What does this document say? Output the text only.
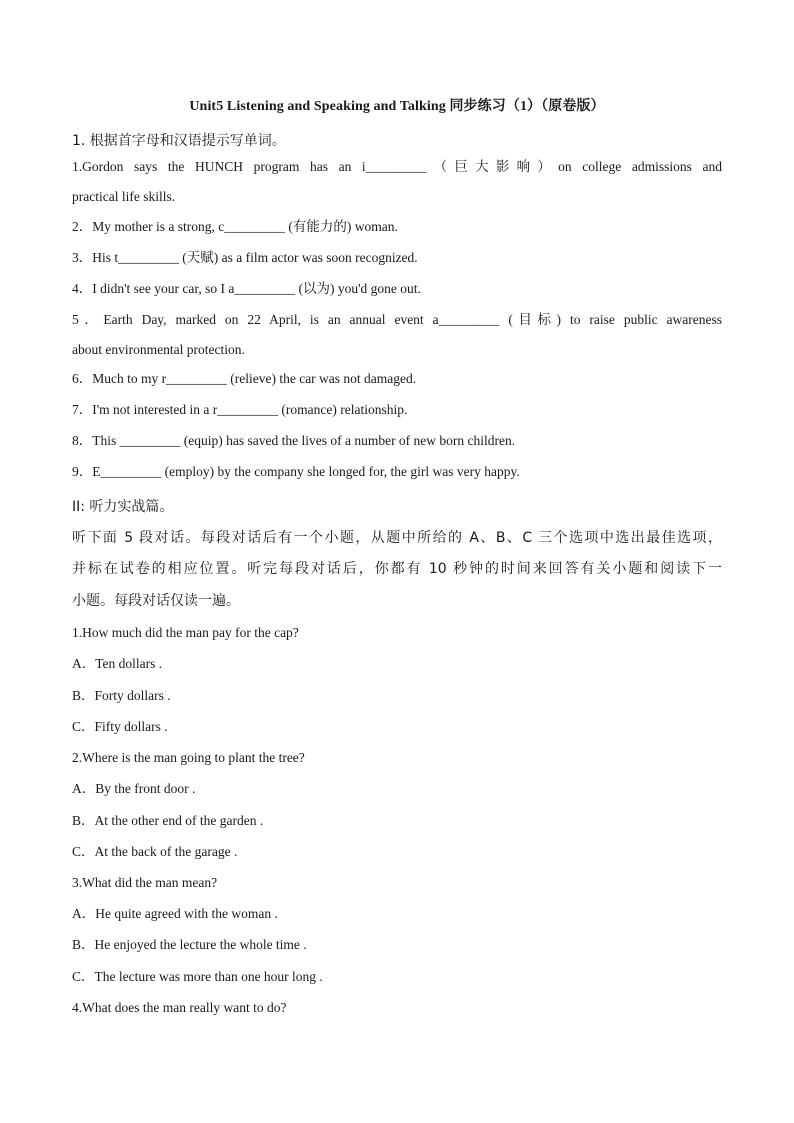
Unit5 Listening and Speaking and Talking 同步练习（1）（原卷版）
1. 根据首字母和汉语提示写单词。
1.Gordon says the HUNCH program has an i_________（巨大影响）on college admissions and
practical life skills.
2．My mother is a strong, c_________ (有能力的) woman.
3．His t_________ (天赋) as a film actor was soon recognized.
4．I didn't see your car, so I a_________ (以为) you'd gone out.
5．Earth Day, marked on 22 April, is an annual event a_________ (目标) to raise public awareness
about environmental protection.
6．Much to my r_________ (relieve) the car was not damaged.
7．I'm not interested in a r_________ (romance) relationship.
8．This _________ (equip) has saved the lives of a number of new born children.
9．E_________ (employ) by the company she longed for, the girl was very happy.
II: 听力实战篇。
听下面 5 段对话。每段对话后有一个小题，从题中所给的 A、B、C 三个选项中选出最佳选项，
并标在试卷的相应位置。听完每段对话后，你都有 10 秒钟的时间来回答有关小题和阅读下一
小题。每段对话仅读一遍。
1.How much did the man pay for the cap?
A．Ten dollars .
B．Forty dollars .
C．Fifty dollars .
2.Where is the man going to plant the tree?
A．By the front door .
B．At the other end of the garden .
C．At the back of the garage .
3.What did the man mean?
A．He quite agreed with the woman .
B．He enjoyed the lecture the whole time .
C．The lecture was more than one hour long .
4.What does the man really want to do?
